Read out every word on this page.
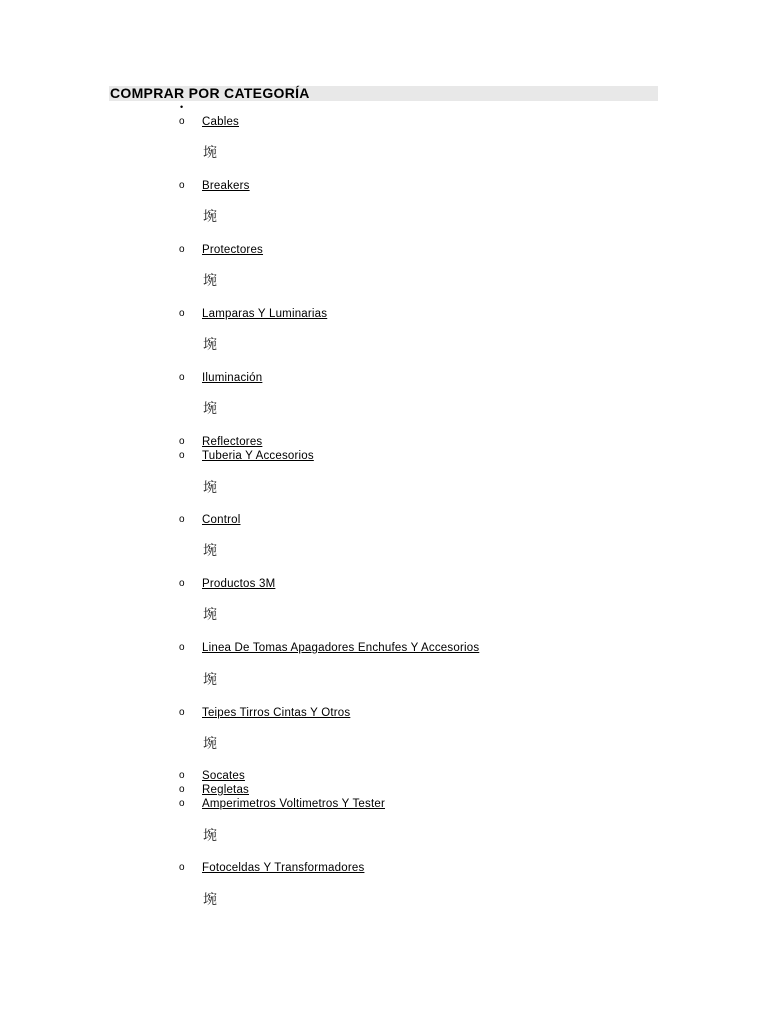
COMPRAR POR CATEGORÍA
•
o	Cables
埦
o	Breakers
埦
o	Protectores
埦
o	Lamparas Y Luminarias
埦
o	Iluminación
埦
o	Reflectores
o	Tuberia Y Accesorios
埦
o	Control
埦
o	Productos 3M
埦
o	Linea De Tomas Apagadores Enchufes Y Accesorios
埦
o	Teipes Tirros Cintas Y Otros
埦
o	Socates
o	Regletas
o	Amperimetros Voltimetros Y Tester
埦
o	Fotoceldas Y Transformadores
埦
